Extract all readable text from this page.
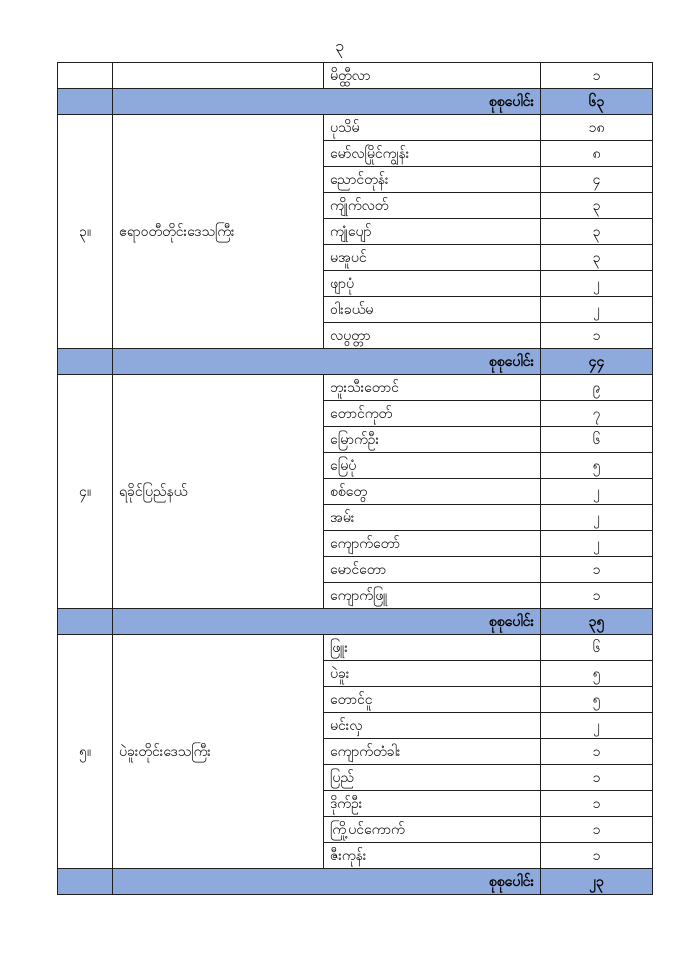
၃
		မိတ္ထီလာ	၁
	စုစုပေါင်း		၆၃
၃။	ဧရာဝတီတိုင်းဒေသကြီး	ပုသိမ်	၁၈
		မော်လမြိုင်ကျွန်း	၈
		ညောင်တုန်း	၄
		ကျိုက်လတ်	၃
		ကျုံပျော်	၃
		မအူပင်	၃
		ဖျာပုံ	၂
		ဝါးခယ်မ	၂
		လပွတ္တာ	၁
	စုစုပေါင်း		၄၄
၄။	ရခိုင်ပြည်နယ်	ဘူးသီးတောင်	၉
		တောင်ကုတ်	၇
		မြောက်ဦး	၆
		မြေပုံ	၅
		စစ်တွေ	၂
		အမ်း	၂
		ကျောက်တော်	၂
		မောင်တော	၁
		ကျောက်ဖြူ	၁
	စုစုပေါင်း		၃၅
၅။	ပဲခူးတိုင်းဒေသကြီး	ဖြူး	၆
		ပဲခူး	၅
		တောင်ငူ	၅
		မင်းလှ	၂
		ကျောက်တံခါး	၁
		ပြည်	၁
		ဒိုက်ဦး	၁
		ကြို့ပင်ကောက်	၁
		ဇီးကုန်း	၁
	စုစုပေါင်း		၂၃
